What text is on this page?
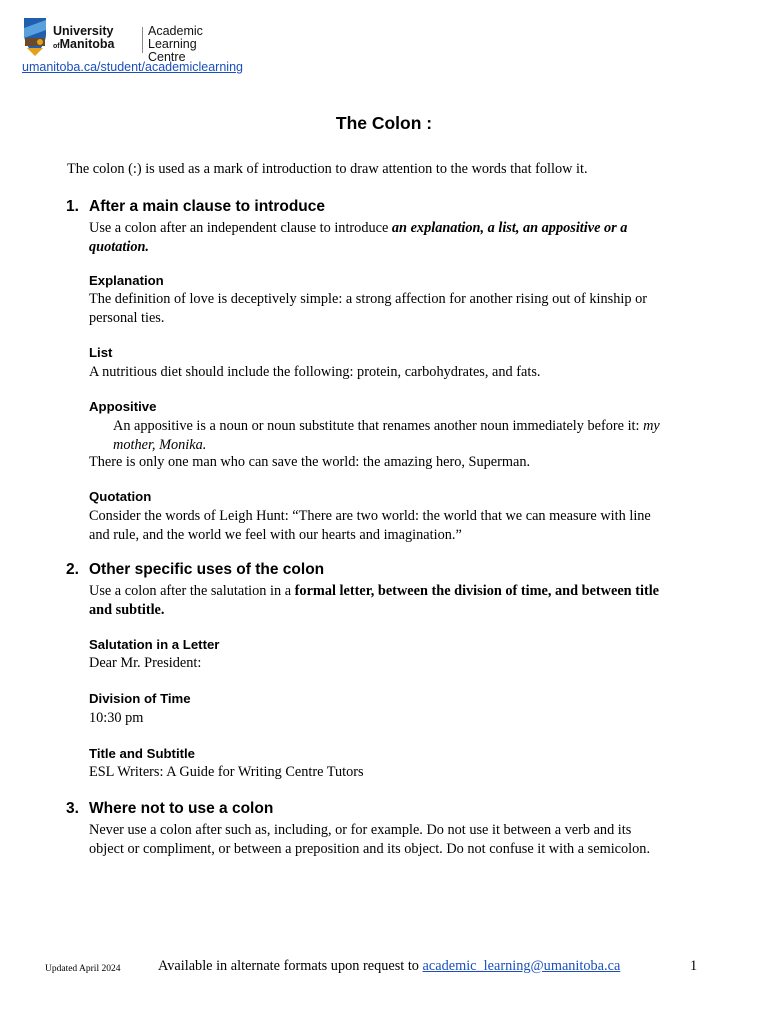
University
ofManitoba
Academic
Learning Centre
umanitoba.ca/student/academiclearning
The Colon :
The colon (:) is used as a mark of introduction to draw attention to the words that follow it.
1. After a main clause to introduce
Use a colon after an independent clause to introduce an explanation, a list, an appositive or a
quotation.
Explanation
The definition of love is deceptively simple: a strong affection for another rising out of kinship or
personal ties.
List
A nutritious diet should include the following: protein, carbohydrates, and fats.
Appositive
An appositive is a noun or noun substitute that renames another noun immediately before it: my
mother, Monika.
There is only one man who can save the world: the amazing hero, Superman.
Quotation
Consider the words of Leigh Hunt: “There are two world: the world that we can measure with line
and rule, and the world we feel with our hearts and imagination.”
2. Other specific uses of the colon
Use a colon after the salutation in a formal letter, between the division of time, and between title
and subtitle.
Salutation in a Letter
Dear Mr. President:
Division of Time
10:30 pm
Title and Subtitle
ESL Writers: A Guide for Writing Centre Tutors
3. Where not to use a colon
Never use a colon after such as, including, or for example. Do not use it between a verb and its
object or compliment, or between a preposition and its object. Do not confuse it with a semicolon.
Updated April 2024	Available in alternate formats upon request to academic_learning@umanitoba.ca	1
